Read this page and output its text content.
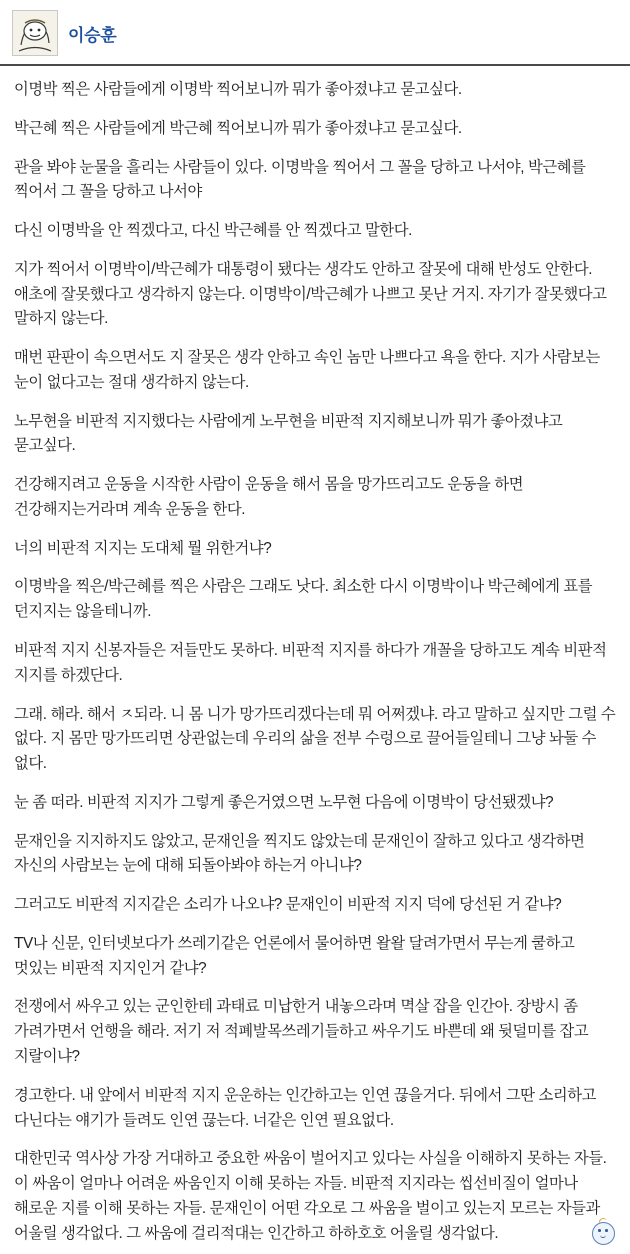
이승훈

이명박 찍은 사람들에게 이명박 찍어보니까 뭐가 좋아졌냐고 묻고싶다.

박근혜 찍은 사람들에게 박근혜 찍어보니까 뭐가 좋아졌냐고 묻고싶다.

관을 봐야 눈물을 흘리는 사람들이 있다. 이명박을 찍어서 그 꼴을 당하고 나서야, 박근혜를 찍어서 그 꼴을 당하고 나서야

다신 이명박을 안 찍겠다고, 다신 박근혜를 안 찍겠다고 말한다.

지가 찍어서 이명박이/박근혜가 대통령이 됐다는 생각도 안하고 잘못에 대해 반성도 안한다. 애초에 잘못했다고 생각하지 않는다. 이명박이/박근혜가 나쁘고 못난 거지. 자기가 잘못했다고 말하지 않는다.

매번 판판이 속으면서도 지 잘못은 생각 안하고 속인 놈만 나쁘다고 욕을 한다. 지가 사람보는 눈이 없다고는 절대 생각하지 않는다.

노무현을 비판적 지지했다는 사람에게 노무현을 비판적 지지해보니까 뭐가 좋아졌냐고 묻고싶다.

건강해지려고 운동을 시작한 사람이 운동을 해서 몸을 망가뜨리고도 운동을 하면 건강해지는거라며 계속 운동을 한다.

너의 비판적 지지는 도대체 뭘 위한거냐?

이명박을 찍은/박근혜를 찍은 사람은 그래도 낫다. 최소한 다시 이명박이나 박근혜에게 표를 던지지는 않을테니까.

비판적 지지 신봉자들은 저들만도 못하다. 비판적 지지를 하다가 개꼴을 당하고도 계속 비판적 지지를 하겠단다.

그래. 해라. 해서 ㅈ되라. 니 몸 니가 망가뜨리겠다는데 뭐 어쩌겠냐. 라고 말하고 싶지만 그럴 수 없다. 지 몸만 망가뜨리면 상관없는데 우리의 삶을 전부 수렁으로 끌어들일테니 그냥 놔둘 수 없다.

눈 좀 떠라. 비판적 지지가 그렇게 좋은거였으면 노무현 다음에 이명박이 당선됐겠냐?

문재인을 지지하지도 않았고, 문재인을 찍지도 않았는데 문재인이 잘하고 있다고 생각하면 자신의 사람보는 눈에 대해 되돌아봐야 하는거 아니냐?

그러고도 비판적 지지같은 소리가 나오냐? 문재인이 비판적 지지 덕에 당선된 거 같냐?

TV나 신문, 인터넷보다가 쓰레기같은 언론에서 물어하면 왈왈 달려가면서 무는게 쿨하고 멋있는 비판적 지지인거 같냐?

전쟁에서 싸우고 있는 군인한테 과태료 미납한거 내놓으라며 멱살 잡을 인간아. 장방시 좀 가려가면서 언행을 해라. 저기 저 적폐발목쓰레기들하고 싸우기도 바쁜데 왜 뒷덜미를 잡고 지랄이냐?

경고한다. 내 앞에서 비판적 지지 운운하는 인간하고는 인연 끊을거다. 뒤에서 그딴 소리하고 다닌다는 얘기가 들려도 인연 끊는다. 너같은 인연 필요없다.

대한민국 역사상 가장 거대하고 중요한 싸움이 벌어지고 있다는 사실을 이해하지 못하는 자들. 이 싸움이 얼마나 어려운 싸움인지 이해 못하는 자들. 비판적 지지라는 씹선비질이 얼마나 해로운 지를 이해 못하는 자들. 문재인이 어떤 각오로 그 싸움을 벌이고 있는지 모르는 자들과 어울릴 생각없다. 그 싸움에 걸리적대는 인간하고 하하호호 어울릴 생각없다.
